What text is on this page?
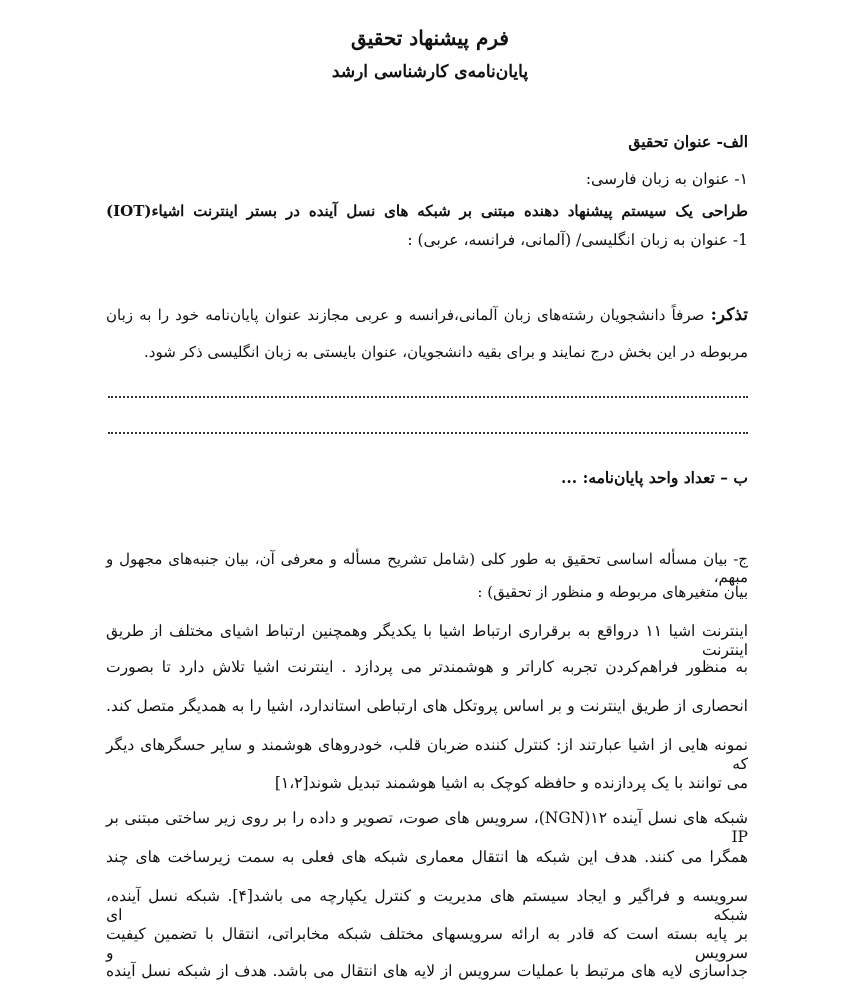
فرم پیشنهاد تحقیق
پایان‌نامه‌ی کارشناسی ارشد
الف- عنوان تحقیق
۱- عنوان به زبان فارسی:
طراحی یک سیستم پیشنهاد دهنده مبتنی بر شبکه های نسل آینده در بستر اینترنت اشیاء(IOT)
1- عنوان به زبان انگلیسی/ (آلمانی، فرانسه، عربی) :
تذکر: صرفاً دانشجویان رشته‌های زبان آلمانی،فرانسه و عربی مجازند عنوان پایان‌نامه خود را به زبان
مربوطه در این بخش درج نمایند و برای بقیه دانشجویان، عنوان بایستی به زبان انگلیسی ذکر شود.
ب – تعداد واحد پایان‌نامه: ...
ج- بیان مسأله اساسی تحقیق به طور کلی (شامل تشریح مسأله و معرفی آن، بیان جنبه‌های مجهول و مبهم،
بیان متغیرهای مربوطه و منظور از تحقیق) :
اینترنت اشیا ۱۱ درواقع به برقراری ارتباط اشیا با یکدیگر وهمچنین ارتباط اشیای مختلف از طریق اینترنت
به منظور فراهم‌کردن تجربه کاراتر و هوشمندتر می پردازد . اینترنت اشیا تلاش دارد تا بصورت
انحصاری از طریق اینترنت و بر اساس پروتکل های ارتباطی استاندارد، اشیا را به همدیگر متصل کند.
نمونه هایی از اشیا عبارتند از: کنترل کننده ضربان قلب، خودروهای هوشمند و سایر حسگرهای دیگر که
می توانند با یک پردازنده و حافظه کوچک به اشیا هوشمند تبدیل شوند[۱،۲]
شبکه های نسل آینده ۱۲(NGN)، سرویس های صوت، تصویر و داده را بر روی زیر ساختی مبتنی بر IP
همگرا می کنند. هدف این شبکه ها انتقال معماری شبکه های فعلی به سمت زیرساخت های چند
سرویسه و فراگیر و ایجاد سیستم های مدیریت و کنترل یکپارچه می باشد[۴]. شبکه نسل آینده، شبکه ای
بر پایه بسته است که قادر به ارائه سرویسهای مختلف شبکه مخابراتی، انتقال با تضمین کیفیت سرویس و
جداسازی لایه های مرتبط با عملیات سرویس از لایه های انتقال می باشد. هدف از شبکه نسل آینده
